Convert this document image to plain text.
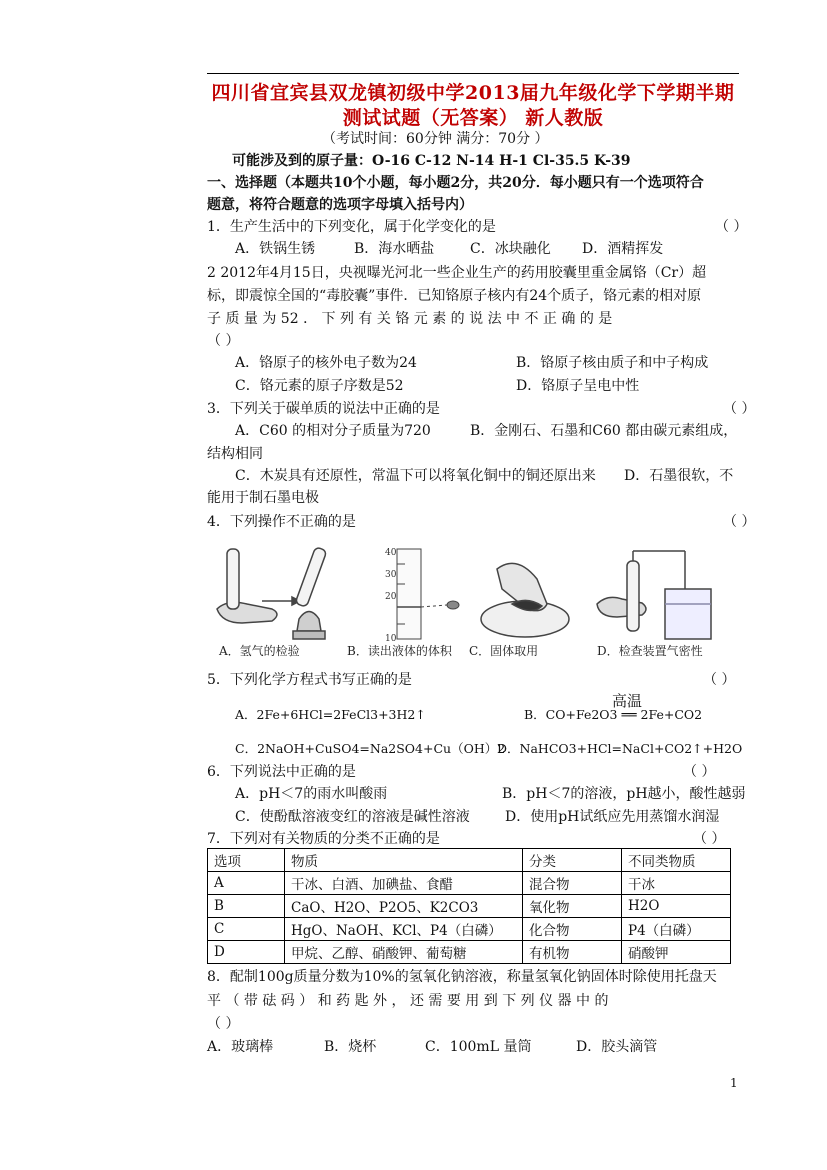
四川省宜宾县双龙镇初级中学2013届九年级化学下学期半期
测试试题（无答案） 新人教版
（考试时间：60分钟 满分：70分 ）
可能涉及到的原子量：O-16 C-12 N-14 H-1 Cl-35.5 K-39
一、选择题（本题共10个小题，每小题2分，共20分．每小题只有一个选项符合
题意，将符合题意的选项字母填入括号内）
1．生产生活中的下列变化，属于化学变化的是	（ ）
A．铁锅生锈	B．海水晒盐	C．冰块融化 D．酒精挥发
2 2012年4月15日，央视曝光河北一些企业生产的药用胶囊里重金属铬（Cr）超
标，即震惊全国的“毒胶囊”事件．已知铬原子核内有24个质子，铬元素的相对原
子 质 量 为 52 ． 下 列 有 关 铬 元 素 的 说 法 中 不 正 确 的 是
（ ）
A．铬原子的核外电子数为24	B．铬原子核由质子和中子构成
C．铬元素的原子序数是52	D．铬原子呈电中性
3．下列关于碳单质的说法中正确的是	（ ）
A．C60 的相对分子质量为720	B．金刚石、石墨和C60 都由碳元素组成，
结构相同
C．木炭具有还原性，常温下可以将氧化铜中的铜还原出来 D．石墨很软，不
能用于制石墨电极
4．下列操作不正确的是	（ ）
40
30
20
10
A．氢气的检验	B．读出液体的体积 C．固体取用	D．检查装置气密性
5．下列化学方程式书写正确的是	（ ）
高温
A．2Fe+6HCl=2FeCl3+3H2↑	B．CO+Fe2O3 ══ 2Fe+CO2
C．2NaOH+CuSO4=Na2SO4+Cu（OH）2
D．NaHCO3+HCl=NaCl+CO2↑+H2O
6．下列说法中正确的是	（ ）
A．pH＜7的雨水叫酸雨	B．pH＜7的溶液，pH越小，酸性越弱
C．使酚酞溶液变红的溶液是碱性溶液	D．使用pH试纸应先用蒸馏水润湿
7．下列对有关物质的分类不正确的是	（ ）
选项	物质	分类	不同类物质
A	干冰、白酒、加碘盐、食醋	混合物	干冰
B	CaO、H2O、P2O5、K2CO3	氧化物	H2O
C	HgO、NaOH、KCl、P4（白磷）	化合物	P4（白磷）
D	甲烷、乙醇、硝酸钾、葡萄糖	有机物	硝酸钾
8．配制100g质量分数为10%的氢氧化钠溶液，称量氢氧化钠固体时除使用托盘天
平 （ 带 砝 码 ） 和 药 匙 外 ， 还 需 要 用 到 下 列 仪 器 中 的
（ ）
A．玻璃棒	B．烧杯	C．100mL 量筒	D．胶头滴管
1
